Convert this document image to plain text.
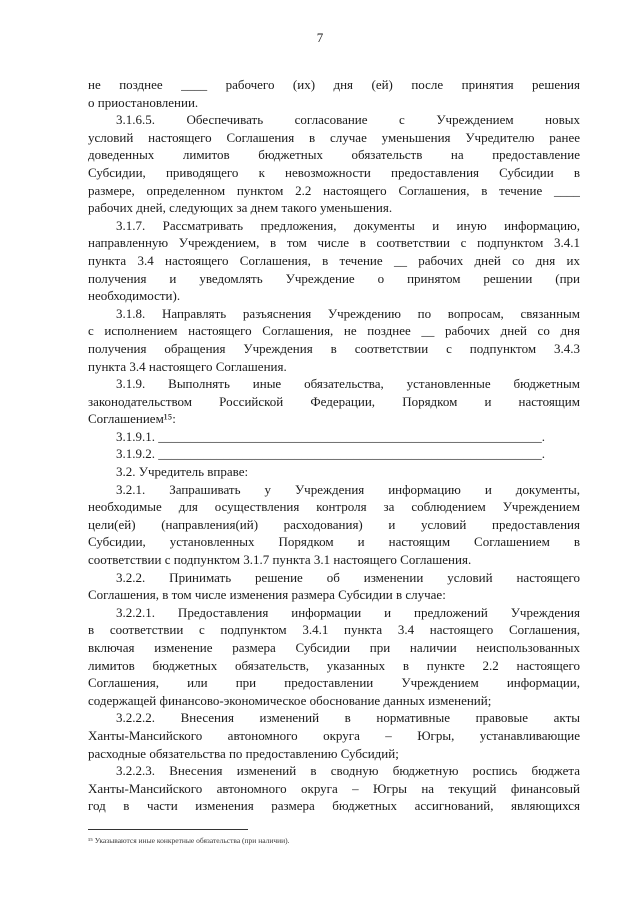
7
не позднее ____ рабочего (их) дня (ей) после принятия решения
о приостановлении.
3.1.6.5. Обеспечивать согласование с Учреждением новых
условий настоящего Соглашения в случае уменьшения Учредителю ранее
доведенных лимитов бюджетных обязательств на предоставление
Субсидии, приводящего к невозможности предоставления Субсидии в
размере, определенном пунктом 2.2 настоящего Соглашения, в течение ____
рабочих дней, следующих за днем такого уменьшения.
3.1.7. Рассматривать предложения, документы и иную информацию,
направленную Учреждением, в том числе в соответствии с подпунктом 3.4.1
пункта 3.4 настоящего Соглашения, в течение __ рабочих дней со дня их
получения и уведомлять Учреждение о принятом решении (при
необходимости).
3.1.8. Направлять разъяснения Учреждению по вопросам, связанным
с исполнением настоящего Соглашения, не позднее __ рабочих дней со дня
получения обращения Учреждения в соответствии с подпунктом 3.4.3
пункта 3.4 настоящего Соглашения.
3.1.9. Выполнять иные обязательства, установленные бюджетным
законодательством Российской Федерации, Порядком и настоящим
Соглашением¹⁵:
3.1.9.1. ___________________________________________________________.
3.1.9.2. ___________________________________________________________.
3.2. Учредитель вправе:
3.2.1. Запрашивать у Учреждения информацию и документы,
необходимые для осуществления контроля за соблюдением Учреждением
цели(ей) (направления(ий) расходования) и условий предоставления
Субсидии, установленных Порядком и настоящим Соглашением в
соответствии с подпунктом 3.1.7 пункта 3.1 настоящего Соглашения.
3.2.2. Принимать решение об изменении условий настоящего
Соглашения, в том числе изменения размера Субсидии в случае:
3.2.2.1. Предоставления информации и предложений Учреждения
в соответствии с подпунктом 3.4.1 пункта 3.4 настоящего Соглашения,
включая изменение размера Субсидии при наличии неиспользованных
лимитов бюджетных обязательств, указанных в пункте 2.2 настоящего
Соглашения, или при предоставлении Учреждением информации,
содержащей финансово-экономическое обоснование данных изменений;
3.2.2.2. Внесения изменений в нормативные правовые акты
Ханты-Мансийского автономного округа – Югры, устанавливающие
расходные обязательства по предоставлению Субсидий;
3.2.2.3. Внесения изменений в сводную бюджетную роспись бюджета
Ханты-Мансийского автономного округа – Югры на текущий финансовый
год в части изменения размера бюджетных ассигнований, являющихся
¹⁵ Указываются иные конкретные обязательства (при наличии).
